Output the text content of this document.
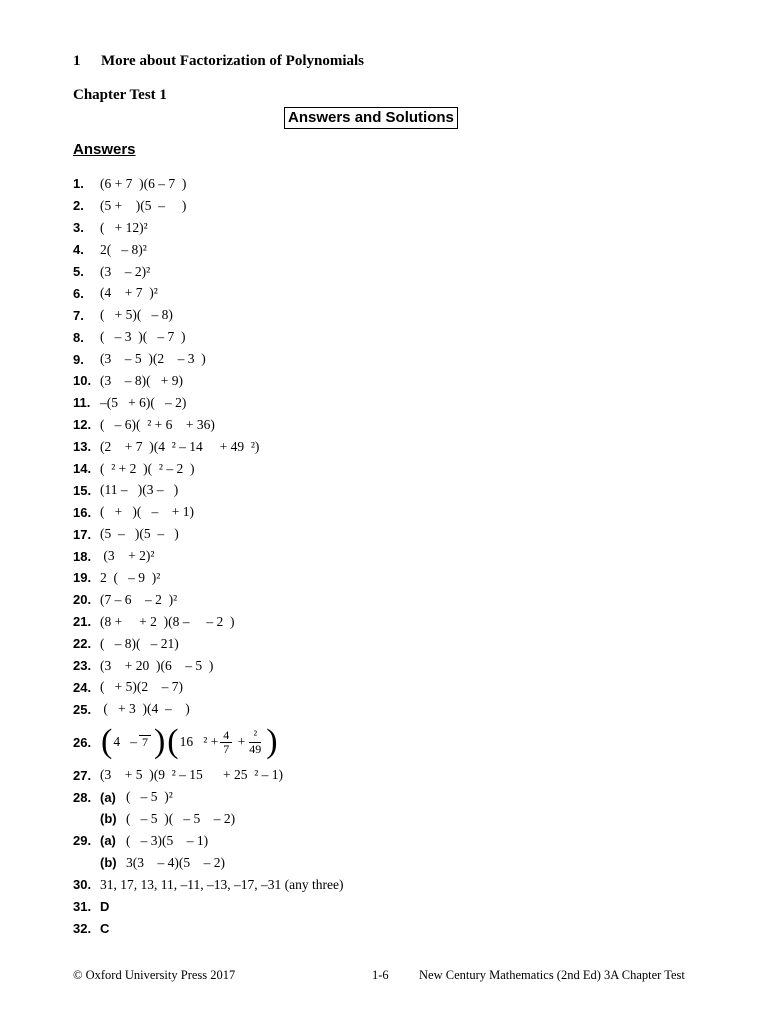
1 More about Factorization of Polynomials
Chapter Test 1
Answers and Solutions
Answers
1.	(6 + 7  )(6 – 7  )
2.	(5 +    )(5  –     )
3.	(   + 12)²
4.	2(   – 8)²
5.	(3    – 2)²
6.	(4    + 7  )²
7.	(   + 5)(   – 8)
8.	(   – 3  )(   – 7  )
9.	(3    – 5  )(2    – 3  )
10. (3    – 8)(   + 9)
11. –(5   + 6)(   – 2)
12. (   – 6)(  ² + 6    + 36)
13. (2    + 7  )(4  ² – 14     + 49  ²)
14. (  ² + 2  )(  ² – 2  )
15. (11 –   )(3 –   )
16. (   +   )(   –    + 1)
17. (5  –   )(5  –   )
18. (3    + 2)²
19. 2  (   – 9  )²
20. (7 – 6    – 2  )²
21. (8 +     + 2  )(8 –     – 2  )
22. (   – 8)(   – 21)
23. (3    + 20  )(6    – 5  )
24. (   + 5)(2    – 7)
25. (   + 3  )(4  –    )
26. ( 4   – 7 ) ( 16   $^2 + \frac{4}{7} + \frac{\text{²}}{49}$ )
27. (3    + 5  )(9  ² – 15      + 25  ² – 1)
28. (a) (   – 5  )²
(b) (   – 5  )(   – 5    – 2)
29. (a) (   – 3)(5    – 1)
(b) 3(3    – 4)(5    – 2)
30. 31, 17, 13, 11, –11, –13, –17, –31 (any three)
31. D
32. C
© Oxford University Press 2017	1-6 New Century Mathematics (2nd Ed) 3A Chapter Test
